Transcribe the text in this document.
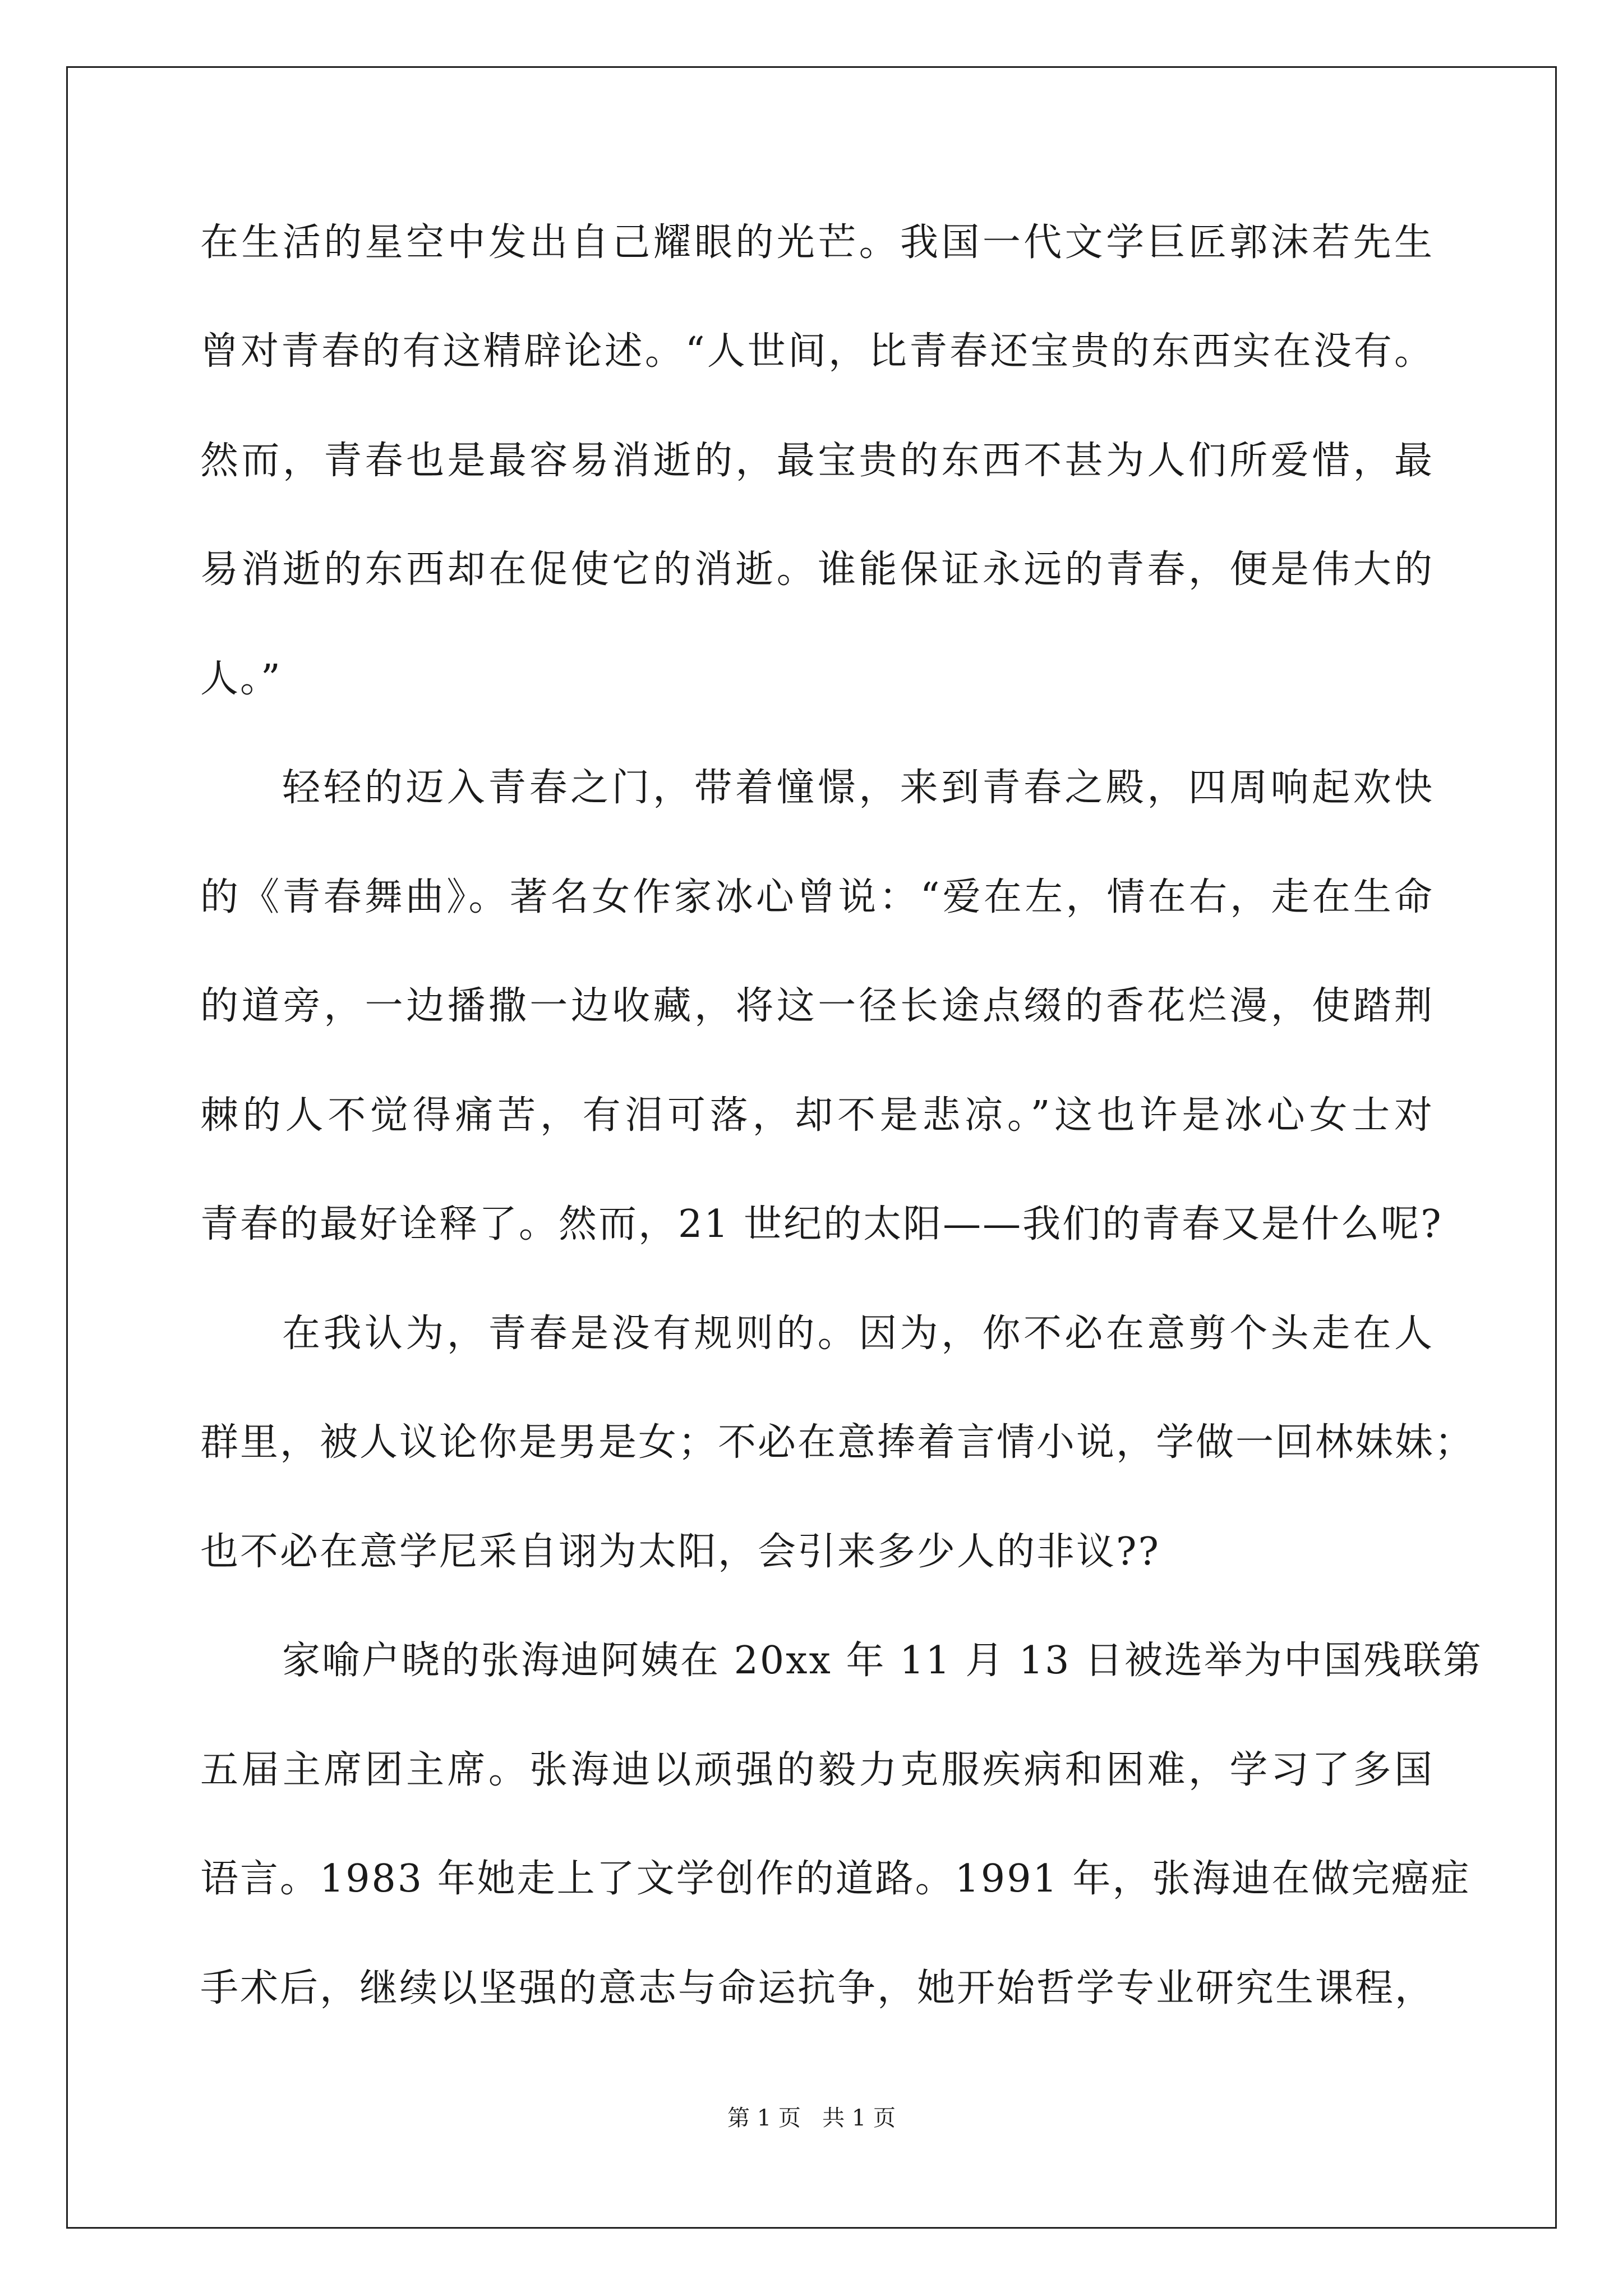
在生活的星空中发出自己耀眼的光芒。我国一代文学巨匠郭沫若先生
曾对青春的有这精辟论述。“人世间，比青春还宝贵的东西实在没有。
然而，青春也是最容易消逝的，最宝贵的东西不甚为人们所爱惜，最
易消逝的东西却在促使它的消逝。谁能保证永远的青春，便是伟大的
人。”
轻轻的迈入青春之门，带着憧憬，来到青春之殿，四周响起欢快
的《青春舞曲》。著名女作家冰心曾说：“爱在左，情在右，走在生命
的道旁，一边播撒一边收藏，将这一径长途点缀的香花烂漫，使踏荆
棘的人不觉得痛苦，有泪可落，却不是悲凉。”这也许是冰心女士对
青春的最好诠释了。然而，21 世纪的太阳——我们的青春又是什么呢?
在我认为，青春是没有规则的。因为，你不必在意剪个头走在人
群里，被人议论你是男是女；不必在意捧着言情小说，学做一回林妹妹；
也不必在意学尼采自诩为太阳，会引来多少人的非议??
家喻户晓的张海迪阿姨在 20xx 年 11 月 13 日被选举为中国残联第
五届主席团主席。张海迪以顽强的毅力克服疾病和困难，学习了多国
语言。1983 年她走上了文学创作的道路。1991 年，张海迪在做完癌症
手术后，继续以坚强的意志与命运抗争，她开始哲学专业研究生课程，
第 1 页   共 1 页
